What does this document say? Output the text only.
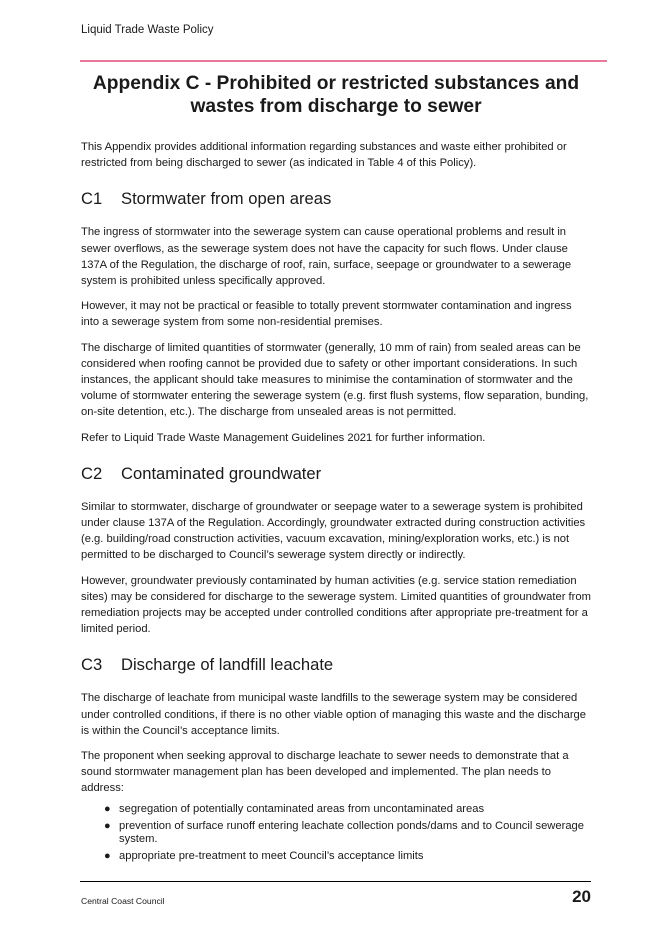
Liquid Trade Waste Policy
Appendix C - Prohibited or restricted substances and
wastes from discharge to sewer

This Appendix provides additional information regarding substances and waste either prohibited or restricted from being discharged to sewer (as indicated in Table 4 of this Policy).

C1 Stormwater from open areas

The ingress of stormwater into the sewerage system can cause operational problems and result in sewer overflows, as the sewerage system does not have the capacity for such flows. Under clause 137A of the Regulation, the discharge of roof, rain, surface, seepage or groundwater to a sewerage system is prohibited unless specifically approved.

However, it may not be practical or feasible to totally prevent stormwater contamination and ingress into a sewerage system from some non-residential premises.

The discharge of limited quantities of stormwater (generally, 10 mm of rain) from sealed areas can be considered when roofing cannot be provided due to safety or other important considerations. In such instances, the applicant should take measures to minimise the contamination of stormwater and the volume of stormwater entering the sewerage system (e.g. first flush systems, flow separation, bunding, on-site detention, etc.). The discharge from unsealed areas is not permitted.

Refer to Liquid Trade Waste Management Guidelines 2021 for further information.

C2 Contaminated groundwater

Similar to stormwater, discharge of groundwater or seepage water to a sewerage system is prohibited under clause 137A of the Regulation. Accordingly, groundwater extracted during construction activities (e.g. building/road construction activities, vacuum excavation, mining/exploration works, etc.) is not permitted to be discharged to Council’s sewerage system directly or indirectly.

However, groundwater previously contaminated by human activities (e.g. service station remediation sites) may be considered for discharge to the sewerage system. Limited quantities of groundwater from remediation projects may be accepted under controlled conditions after appropriate pre-treatment for a limited period.

C3 Discharge of landfill leachate

The discharge of leachate from municipal waste landfills to the sewerage system may be considered under controlled conditions, if there is no other viable option of managing this waste and the discharge is within the Council’s acceptance limits.

The proponent when seeking approval to discharge leachate to sewer needs to demonstrate that a sound stormwater management plan has been developed and implemented. The plan needs to address:

● segregation of potentially contaminated areas from uncontaminated areas
● prevention of surface runoff entering leachate collection ponds/dams and to Council sewerage system.
● appropriate pre-treatment to meet Council’s acceptance limits
Central Coast Council	20
